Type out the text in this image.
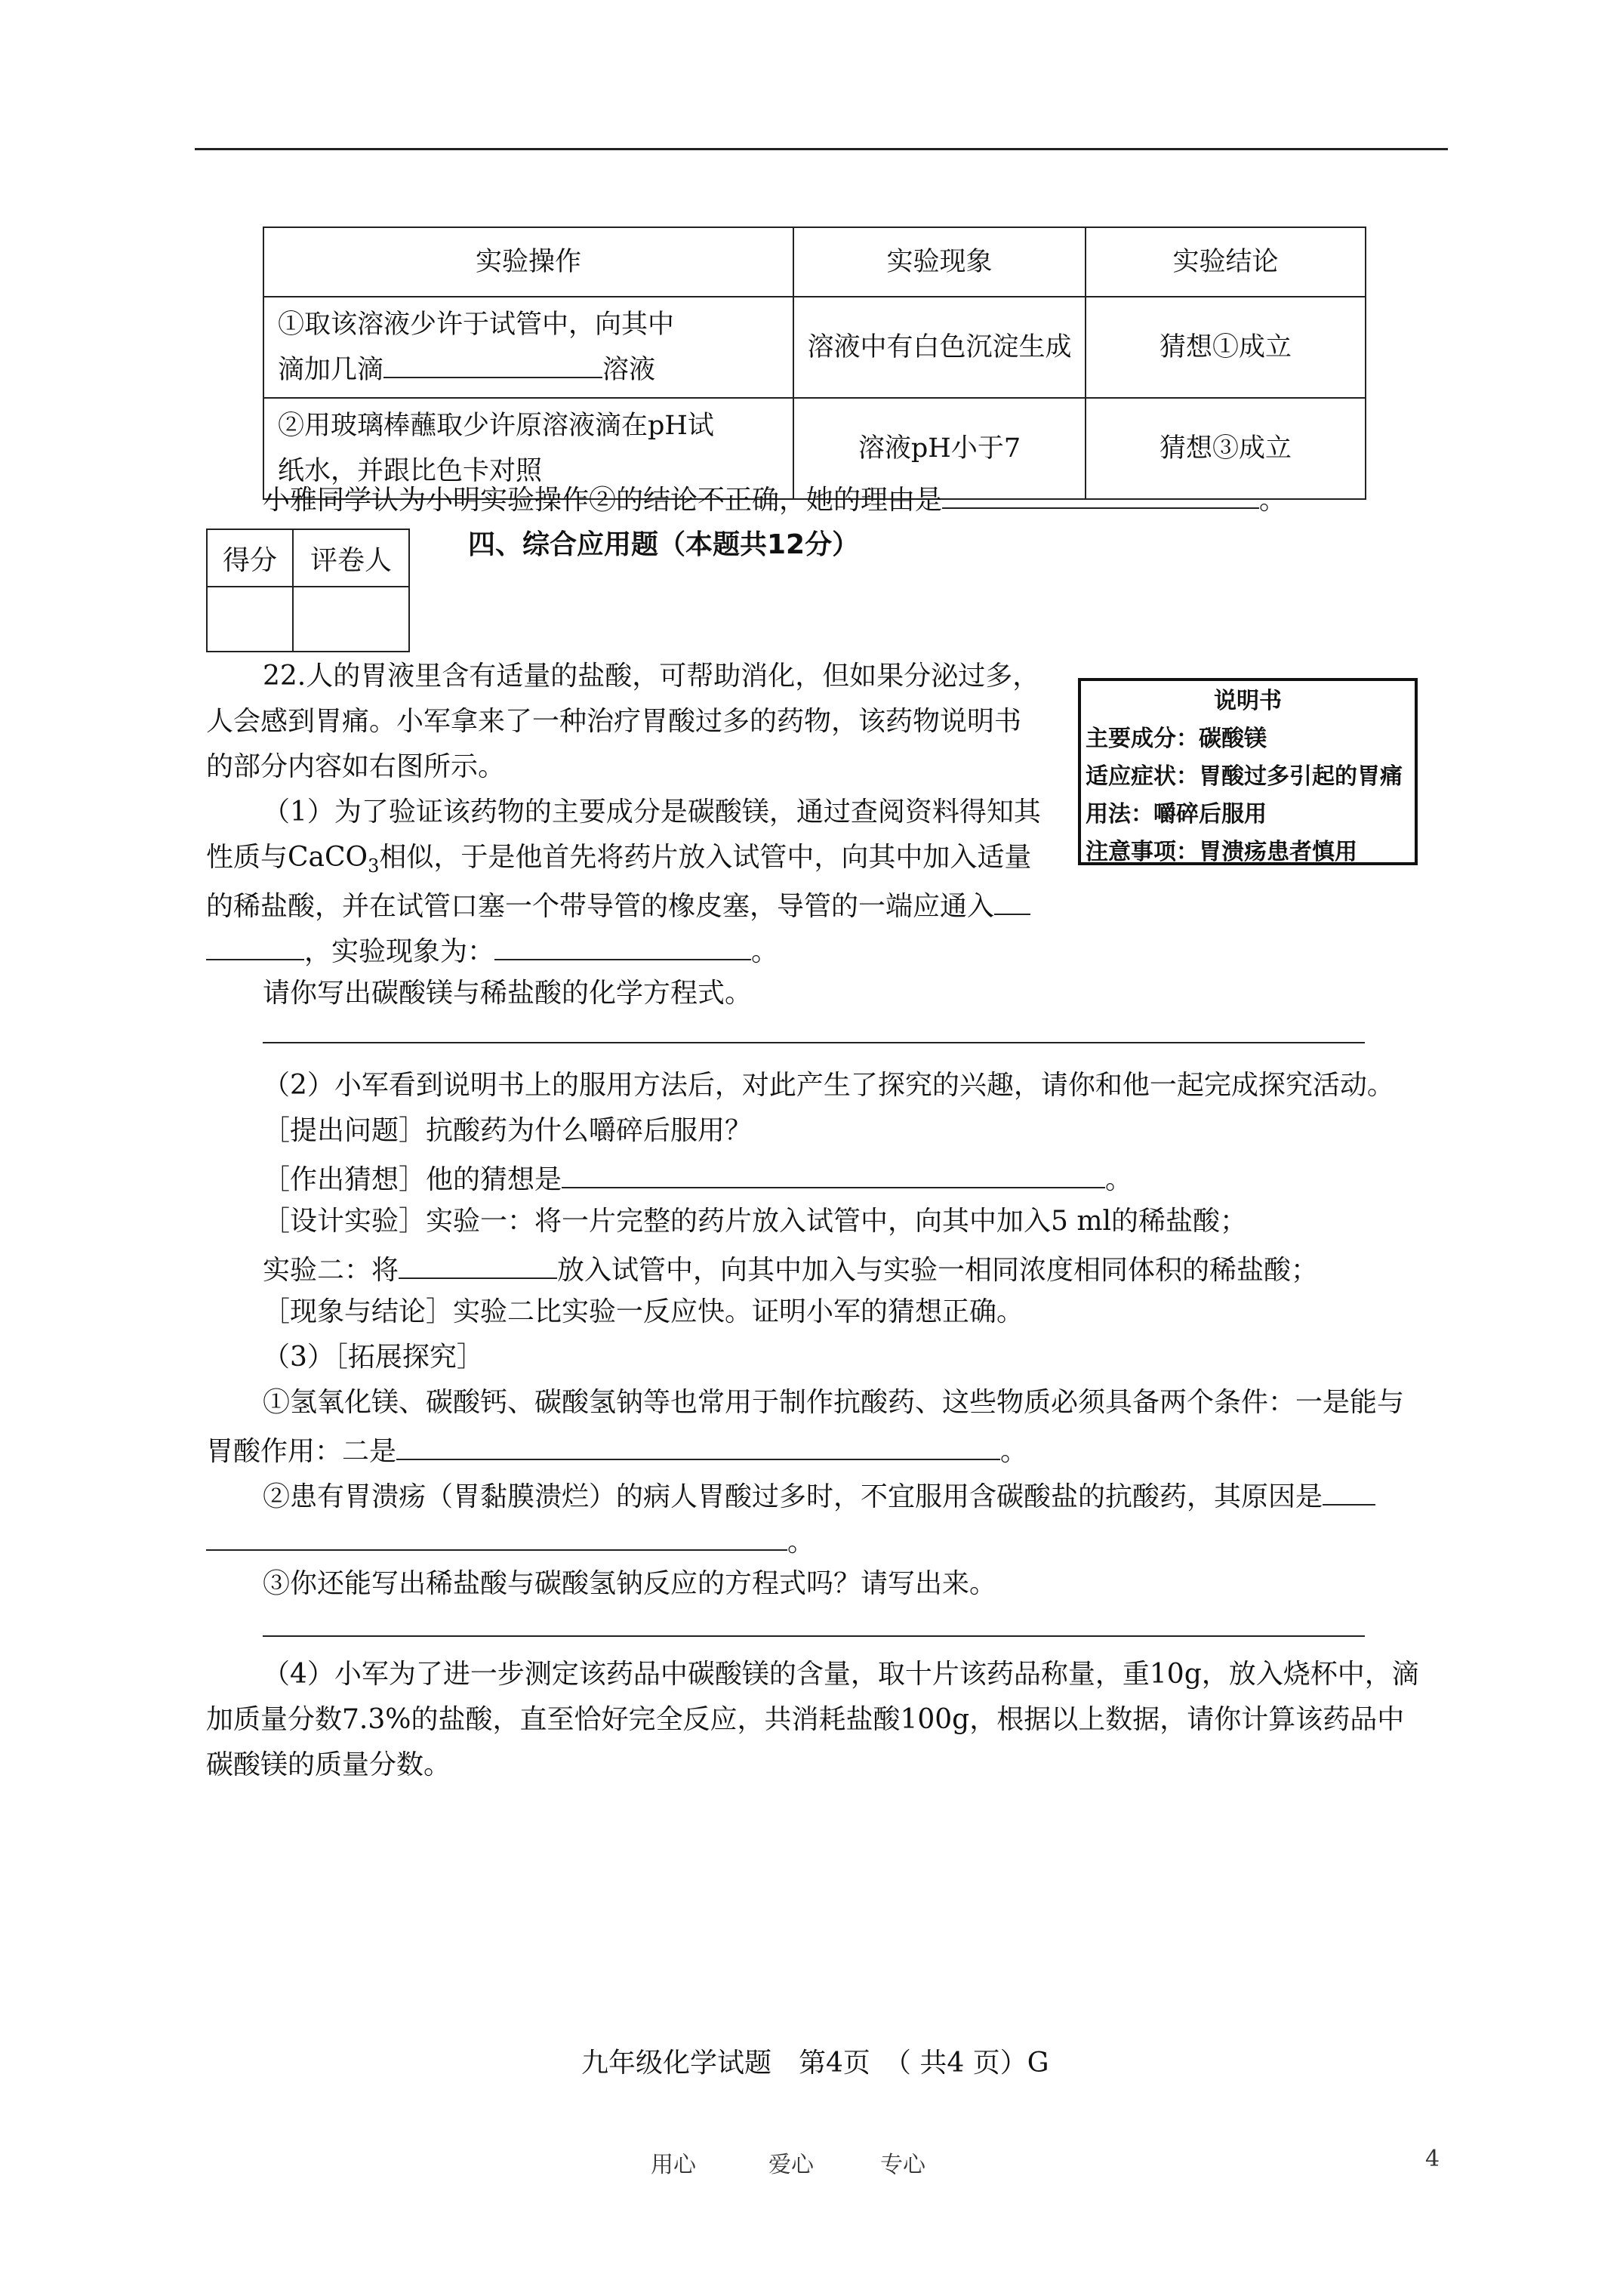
实验操作	实验现象	实验结论

①取该溶液少许于试管中，向其中
滴加几滴 溶液	溶液中有白色沉淀生成	猜想①成立

②用玻璃棒蘸取少许原溶液滴在pH试
纸水，并跟比色卡对照	溶液pH小于7	猜想③成立
小雅同学认为小明实验操作②的结论不正确，她的理由是	。
得分	评卷人
		四、综合应用题（本题共12分）
22.人的胃液里含有适量的盐酸，可帮助消化，但如果分泌过多，
人会感到胃痛。小军拿来了一种治疗胃酸过多的药物，该药物说明书
的部分内容如右图所示。
（1）为了验证该药物的主要成分是碳酸镁，通过查阅资料得知其
性质与CaCO$_3$相似，于是他首先将药片放入试管中，向其中加入适量
的稀盐酸，并在试管口塞一个带导管的橡皮塞，导管的一端应通入
，实验现象为：	。
请你写出碳酸镁与稀盐酸的化学方程式。
说明书
主要成分：碳酸镁
适应症状：胃酸过多引起的胃痛
用法：嚼碎后服用
注意事项：胃溃疡患者慎用
（2）小军看到说明书上的服用方法后，对此产生了探究的兴趣，请你和他一起完成探究活动。
［提出问题］抗酸药为什么嚼碎后服用？
［作出猜想］他的猜想是	。
［设计实验］实验一：将一片完整的药片放入试管中，向其中加入5 ml的稀盐酸；
实验二：将	放入试管中，向其中加入与实验一相同浓度相同体积的稀盐酸；
［现象与结论］实验二比实验一反应快。证明小军的猜想正确。
（3）［拓展探究］
①氢氧化镁、碳酸钙、碳酸氢钠等也常用于制作抗酸药、这些物质必须具备两个条件：一是能与
胃酸作用：二是	。
②患有胃溃疡（胃黏膜溃烂）的病人胃酸过多时，不宜服用含碳酸盐的抗酸药，其原因是
。
③你还能写出稀盐酸与碳酸氢钠反应的方程式吗？请写出来。
（4）小军为了进一步测定该药品中碳酸镁的含量，取十片该药品称量，重10g，放入烧杯中，滴
加质量分数7.3%的盐酸，直至恰好完全反应，共消耗盐酸100g，根据以上数据，请你计算该药品中
碳酸镁的质量分数。
九年级化学试题　第4页　（ 共4 页）G
用心	爱心	专心	4
